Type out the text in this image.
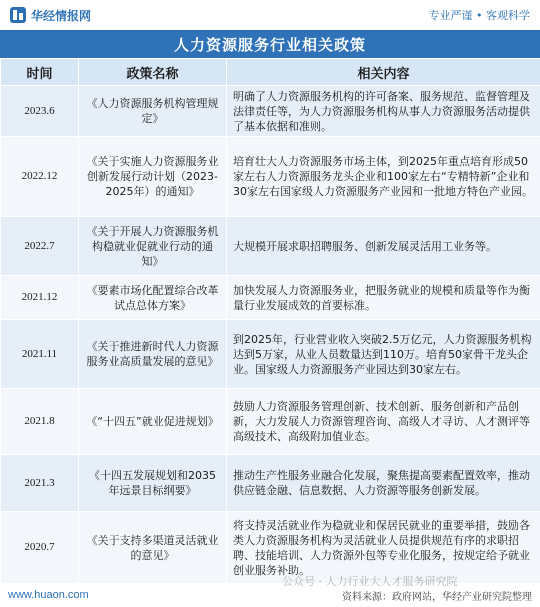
华经情报网	专业严谨 • 客观科学
人力资源服务行业相关政策
时间	政策名称	相关内容
2023.6	《人力资源服务机构管理规定》	明确了人力资源服务机构的许可备案、服务规范、监督管理及法律责任等，为人力资源服务机构从事人力资源服务活动提供了基本依据和准则。
2022.12	《关于实施人力资源服务业创新发展行动计划（2023-2025年）的通知》	培育壮大人力资源服务市场主体，到2025年重点培育形成50家左右人力资源服务龙头企业和100家左右“专精特新”企业和30家左右国家级人力资源服务产业园和一批地方特色产业园。
2022.7	《关于开展人力资源服务机构稳就业促就业行动的通知》	大规模开展求职招聘服务、创新发展灵活用工业务等。
2021.12	《要素市场化配置综合改革试点总体方案》	加快发展人力资源服务业，把服务就业的规模和质量等作为衡量行业发展成效的首要标准。
2021.11	《关于推进新时代人力资源服务业高质量发展的意见》	到2025年，行业营业收入突破2.5万亿元，人力资源服务机构达到5万家，从业人员数量达到110万。培育50家骨干龙头企业。国家级人力资源服务产业园达到30家左右。
2021.8	《“十四五”就业促进规划》	鼓励人力资源服务管理创新、技术创新、服务创新和产品创新，大力发展人力资源管理咨询、高级人才寻访、人才测评等高级技术、高级附加值业态。
2021.3	《十四五发展规划和2035年远景目标纲要》	推动生产性服务业融合化发展，聚焦提高要素配置效率，推动供应链金融、信息数据、人力资源等服务创新发展。
2020.7	《关于支持多渠道灵活就业的意见》	将支持灵活就业作为稳就业和保居民就业的重要举措，鼓励各类人力资源服务机构为灵活就业人员提供规范有序的求职招聘、技能培训、人力资源外包等专业化服务，按规定给予就业创业服务补助。
公众号 · 人力行业大人才服务研究院
www.huaon.com	资料来源：政府网站，华经产业研究院整理
